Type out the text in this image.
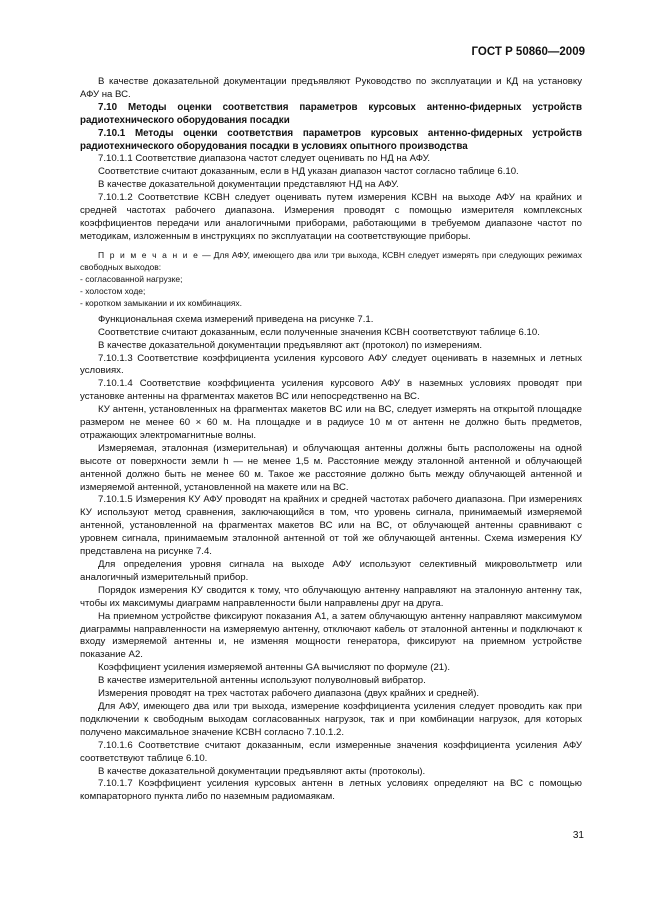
ГОСТ Р 50860—2009

В качестве доказательной документации предъявляют Руководство по эксплуатации и КД на установку АФУ на ВС.

7.10 Методы оценки соответствия параметров курсовых антенно-фидерных устройств радиотехнического оборудования посадки

7.10.1 Методы оценки соответствия параметров курсовых антенно-фидерных устройств радиотехнического оборудования посадки в условиях опытного производства

7.10.1.1 Соответствие диапазона частот следует оценивать по НД на АФУ.

Соответствие считают доказанным, если в НД указан диапазон частот согласно таблице 6.10.

В качестве доказательной документации представляют НД на АФУ.

7.10.1.2 Соответствие КСВН следует оценивать путем измерения КСВН на выходе АФУ на крайних и средней частотах рабочего диапазона. Измерения проводят с помощью измерителя комплексных коэффициентов передачи или аналогичными приборами, работающими в требуемом диапазоне частот по методикам, изложенным в инструкциях по эксплуатации на соответствующие приборы.

П р и м е ч а н и е — Для АФУ, имеющего два или три выхода, КСВН следует измерять при следующих режимах свободных выходов:

- согласованной нагрузке;
- холостом ходе;
- коротком замыкании и их комбинациях.

Функциональная схема измерений приведена на рисунке 7.1.

Соответствие считают доказанным, если полученные значения КСВН соответствуют таблице 6.10.

В качестве доказательной документации предъявляют акт (протокол) по измерениям.

7.10.1.3 Соответствие коэффициента усиления курсового АФУ следует оценивать в наземных и летных условиях.

7.10.1.4 Соответствие коэффициента усиления курсового АФУ в наземных условиях проводят при установке антенны на фрагментах макетов ВС или непосредственно на ВС.

КУ антенн, установленных на фрагментах макетов ВС или на ВС, следует измерять на открытой площадке размером не менее 60 × 60 м. На площадке и в радиусе 10 м от антенн не должно быть предметов, отражающих электромагнитные волны.

Измеряемая, эталонная (измерительная) и облучающая антенны должны быть расположены на одной высоте от поверхности земли h — не менее 1,5 м. Расстояние между эталонной антенной и облучающей антенной должно быть не менее 60 м. Такое же расстояние должно быть между облучающей антенной и измеряемой антенной, установленной на макете или на ВС.

7.10.1.5 Измерения КУ АФУ проводят на крайних и средней частотах рабочего диапазона. При измерениях КУ используют метод сравнения, заключающийся в том, что уровень сигнала, принимаемый измеряемой антенной, установленной на фрагментах макетов ВС или на ВС, от облучающей антенны сравнивают с уровнем сигнала, принимаемым эталонной антенной от той же облучающей антенны. Схема измерения КУ представлена на рисунке 7.4.

Для определения уровня сигнала на выходе АФУ используют селективный микровольтметр или аналогичный измерительный прибор.

Порядок измерения КУ сводится к тому, что облучающую антенну направляют на эталонную антенну так, чтобы их максимумы диаграмм направленности были направлены друг на друга.

На приемном устройстве фиксируют показания A1, а затем облучающую антенну направляют максимумом диаграммы направленности на измеряемую антенну, отключают кабель от эталонной антенны и подключают к входу измеряемой антенны и, не изменяя мощности генератора, фиксируют на приемном устройстве показание A2.

Коэффициент усиления измеряемой антенны GA вычисляют по формуле (21).

В качестве измерительной антенны используют полуволновый вибратор.

Измерения проводят на трех частотах рабочего диапазона (двух крайних и средней).

Для АФУ, имеющего два или три выхода, измерение коэффициента усиления следует проводить как при подключении к свободным выходам согласованных нагрузок, так и при комбинации нагрузок, для которых получено максимальное значение КСВН согласно 7.10.1.2.

7.10.1.6 Соответствие считают доказанным, если измеренные значения коэффициента усиления АФУ соответствуют таблице 6.10.

В качестве доказательной документации предъявляют акты (протоколы).

7.10.1.7 Коэффициент усиления курсовых антенн в летных условиях определяют на ВС с помощью компараторного пункта либо по наземным радиомаякам.

31
